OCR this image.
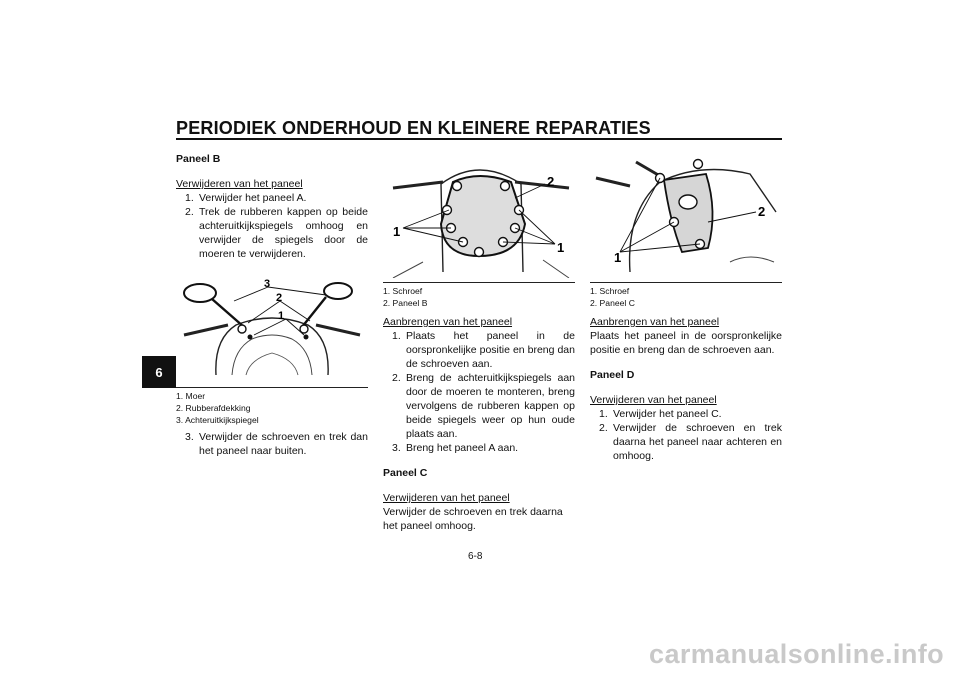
PERIODIEK ONDERHOUD EN KLEINERE REPARATIES
6
Paneel B
Verwijderen van het paneel
1. Verwijder het paneel A.
2. Trek de rubberen kappen op beide achteruitkijkspiegels omhoog en verwijder de spiegels door de moeren te verwijderen.
3
2
1
1. Moer
2. Rubberafdekking
3. Achteruitkijkspiegel
3. Verwijder de schroeven en trek dan het paneel naar buiten.
2
1
1
1. Schroef
2. Paneel B
Aanbrengen van het paneel
1. Plaats het paneel in de oorspronkelijke positie en breng dan de schroeven aan.
2. Breng de achteruitkijkspiegels aan door de moeren te monteren, breng vervolgens de rubberen kappen op beide spiegels weer op hun oude plaats aan.
3. Breng het paneel A aan.
Paneel C
Verwijderen van het paneel
Verwijder de schroeven en trek daarna het paneel omhoog.
2
1
1. Schroef
2. Paneel C
Aanbrengen van het paneel
Plaats het paneel in de oorspronkelijke positie en breng dan de schroeven aan.
Paneel D
Verwijderen van het paneel
1. Verwijder het paneel C.
2. Verwijder de schroeven en trek daarna het paneel naar achteren en omhoog.
6-8
carmanualsonline.info
